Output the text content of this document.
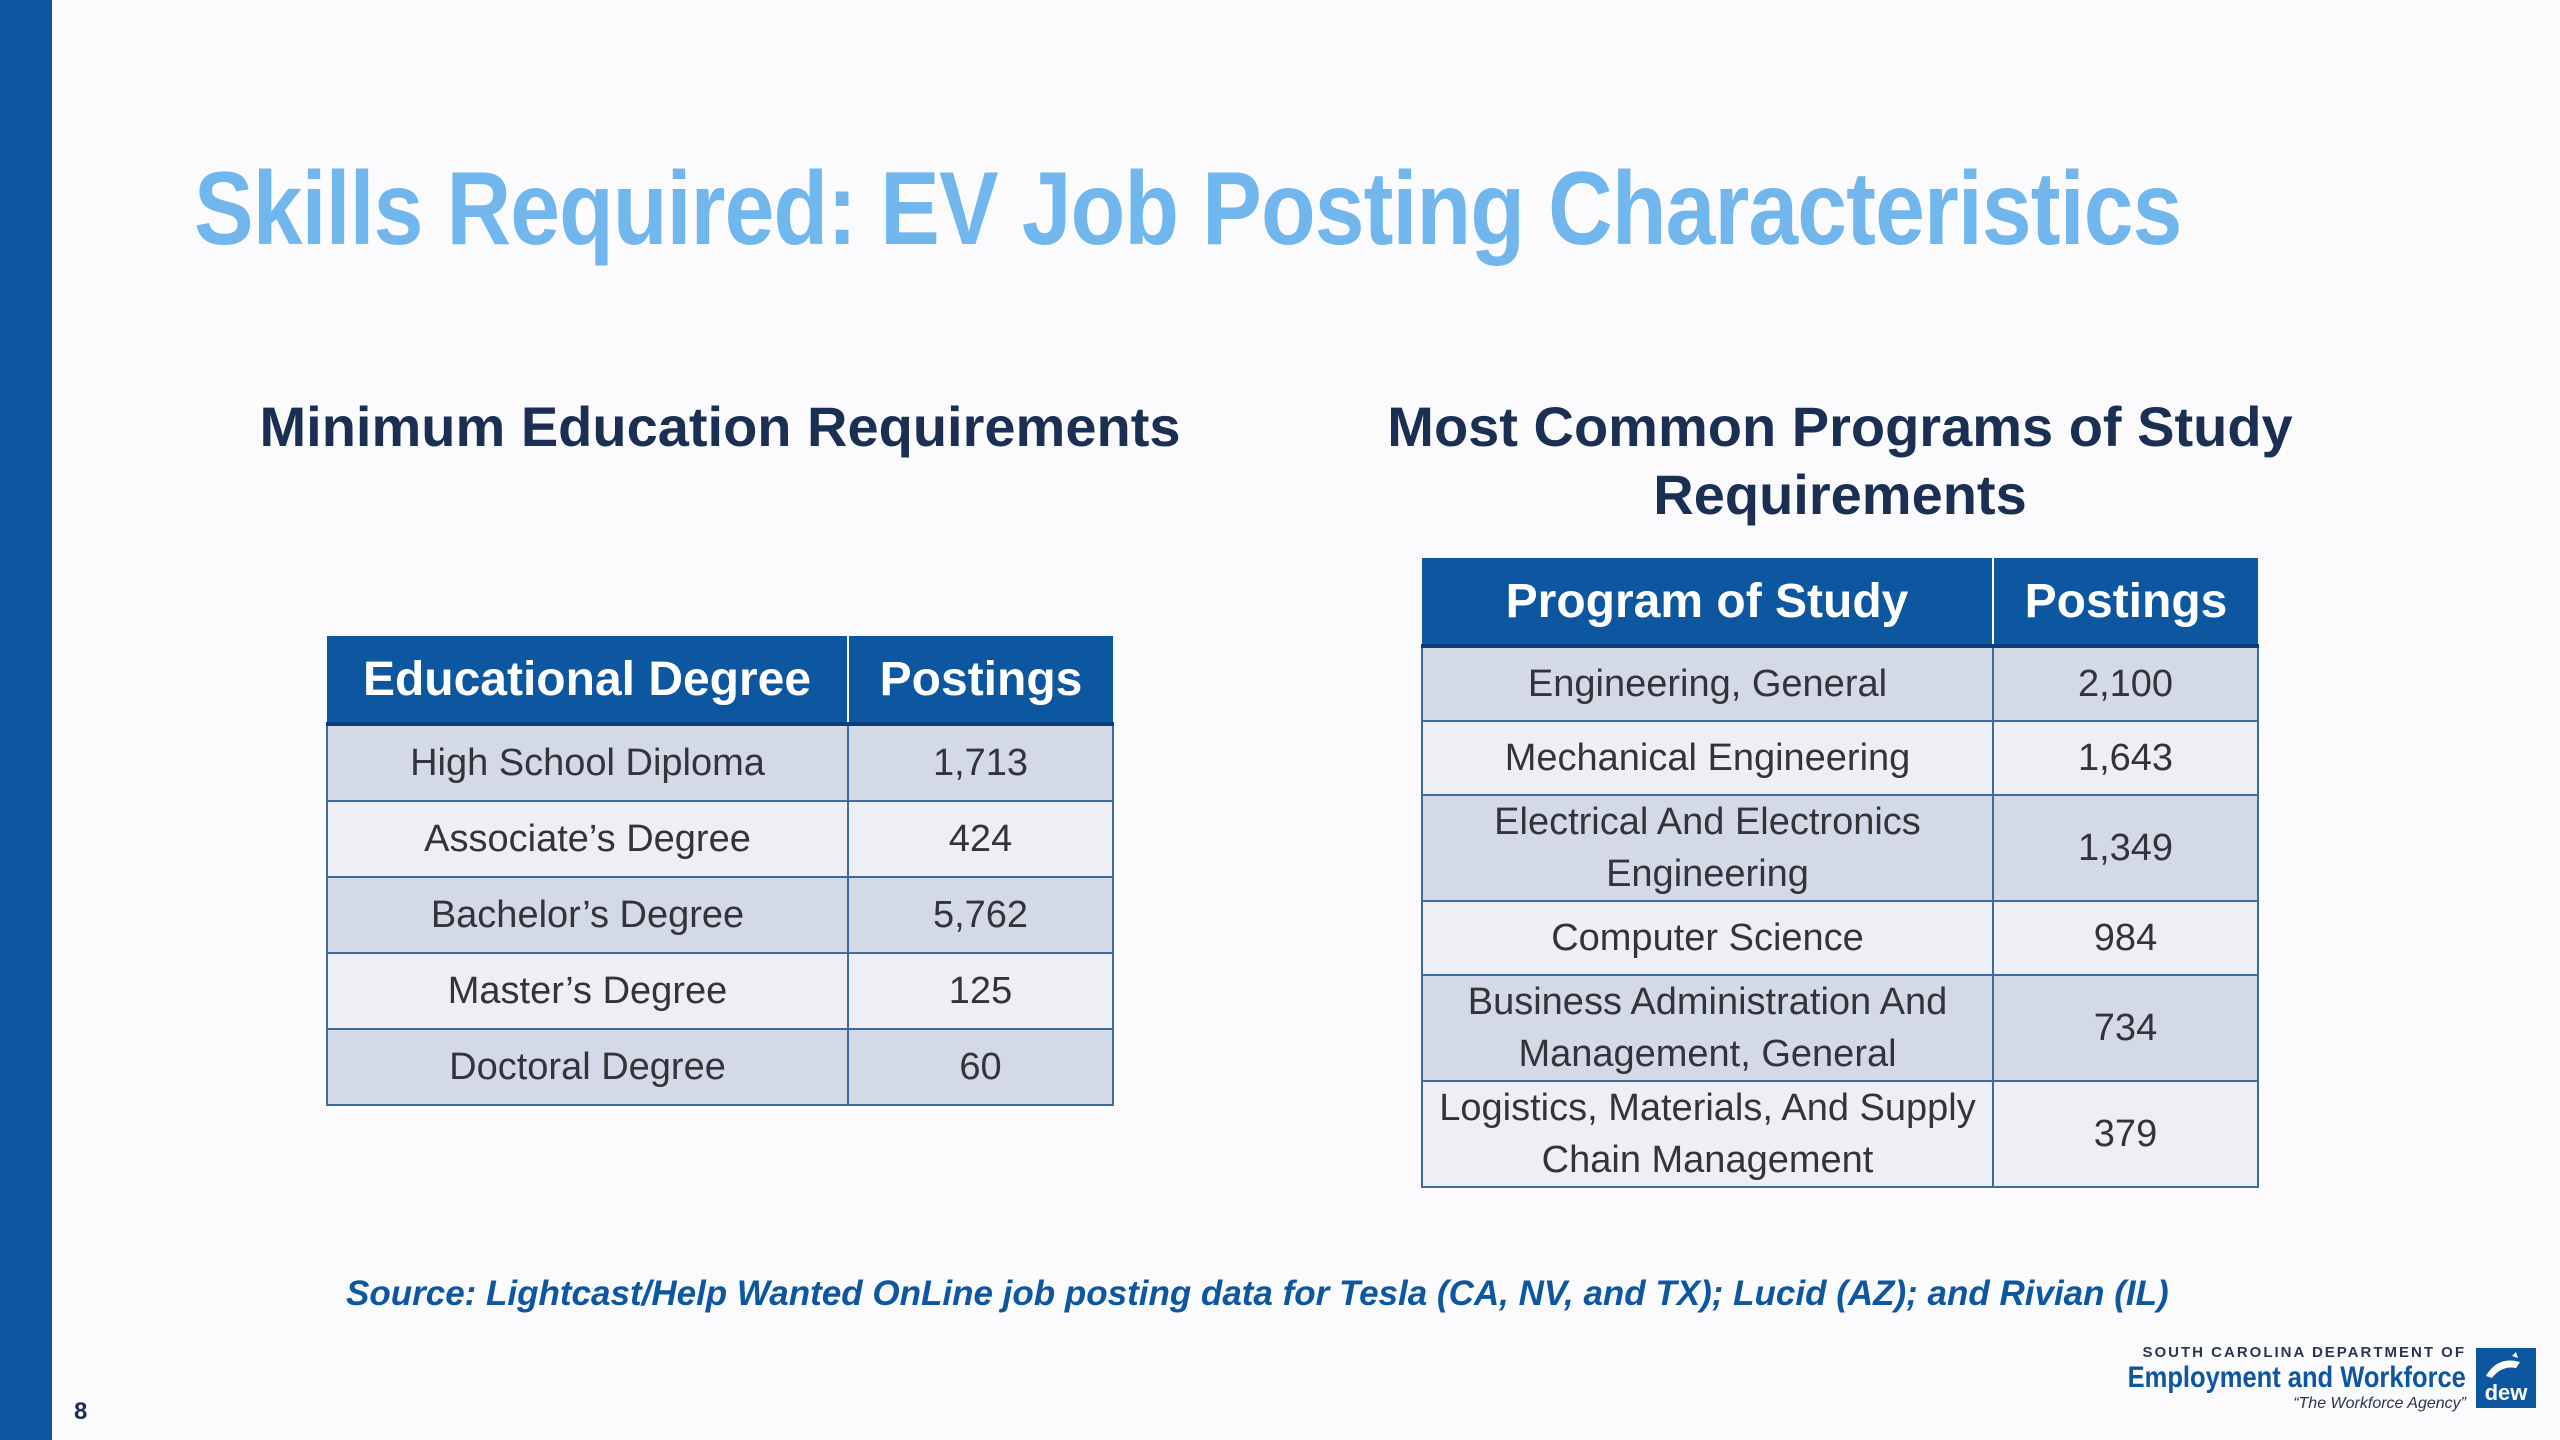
Skills Required: EV Job Posting Characteristics
Minimum Education Requirements	Most Common Programs of Study Requirements
Educational Degree	Postings
High School Diploma	1,713
Associate’s Degree	424
Bachelor’s Degree	5,762
Master’s Degree	125
Doctoral Degree	60
Program of Study	Postings
Engineering, General	2,100
Mechanical Engineering	1,643
Electrical And Electronics Engineering	1,349
Computer Science	984
Business Administration And Management, General	734
Logistics, Materials, And Supply Chain Management	379
Source: Lightcast/Help Wanted OnLine job posting data for Tesla (CA, NV, and TX); Lucid (AZ); and Rivian (IL)
8
SOUTH CAROLINA DEPARTMENT OF
Employment and Workforce
“The Workforce Agency” dew
